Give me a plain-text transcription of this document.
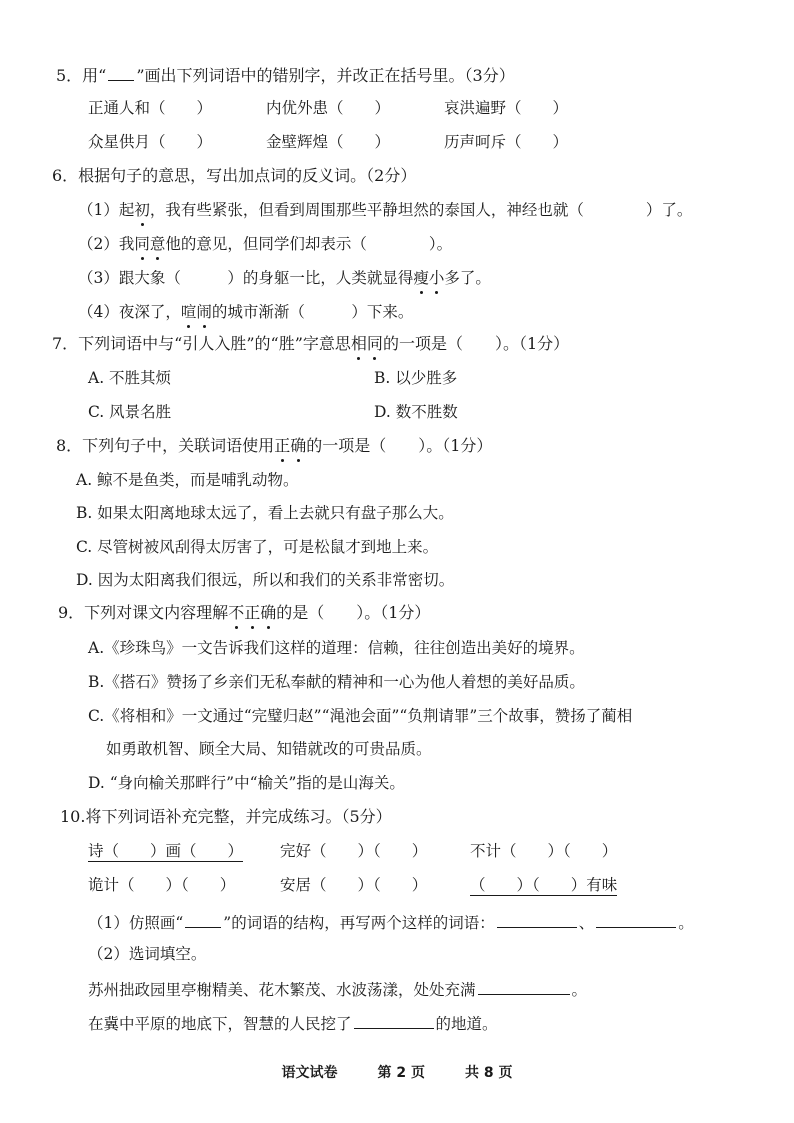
5．用“ ”画出下列词语中的错别字，并改正在括号里。（3分）
正通人和（　　）	内优外患（　　）	哀洪遍野（　　）
众星供月（　　）	金壁辉煌（　　）	历声呵斥（　　）
6．根据句子的意思，写出加点词的反义词。（2分）
（1）起初，我有些紧张，但看到周围那些平静坦然的泰国人，神经也就（　　　　）了。
（2）我同意他的意见，但同学们却表示（　　　　）。
（3）跟大象（　　　）的身躯一比，人类就显得瘦小多了。
（4）夜深了，喧闹的城市渐渐（　　　）下来。
7．下列词语中与“引人入胜”的“胜”字意思相同的一项是（　　）。（1分）
A. 不胜其烦	B. 以少胜多
C. 风景名胜	D. 数不胜数
8．下列句子中，关联词语使用正确的一项是（　　）。（1分）
A. 鲸不是鱼类，而是哺乳动物。
B. 如果太阳离地球太远了，看上去就只有盘子那么大。
C. 尽管树被风刮得太厉害了，可是松鼠才到地上来。
D. 因为太阳离我们很远，所以和我们的关系非常密切。
9．下列对课文内容理解不正确的是（　　）。（1分）
A.《珍珠鸟》一文告诉我们这样的道理：信赖，往往创造出美好的境界。
B.《搭石》赞扬了乡亲们无私奉献的精神和一心为他人着想的美好品质。
C.《将相和》一文通过“完璧归赵”“渑池会面”“负荆请罪”三个故事，赞扬了蔺相
如勇敢机智、顾全大局、知错就改的可贵品质。
D. “身向榆关那畔行”中“榆关”指的是山海关。
10.将下列词语补充完整，并完成练习。（5分）
诗（　　）画（　　） 完好（　　）（　　）	不计（　　）（　　）
诡计（　　）（　　）	安居（　　）（　　）	（　　）（　　）有味
（1）仿照画“	”的词语的结构，再写两个这样的词语：	、	。
（2）选词填空。
苏州拙政园里亭榭精美、花木繁茂、水波荡漾，处处充满	。
在冀中平原的地底下，智慧的人民挖了	的地道。
语文试卷	第 2 页	共 8 页
